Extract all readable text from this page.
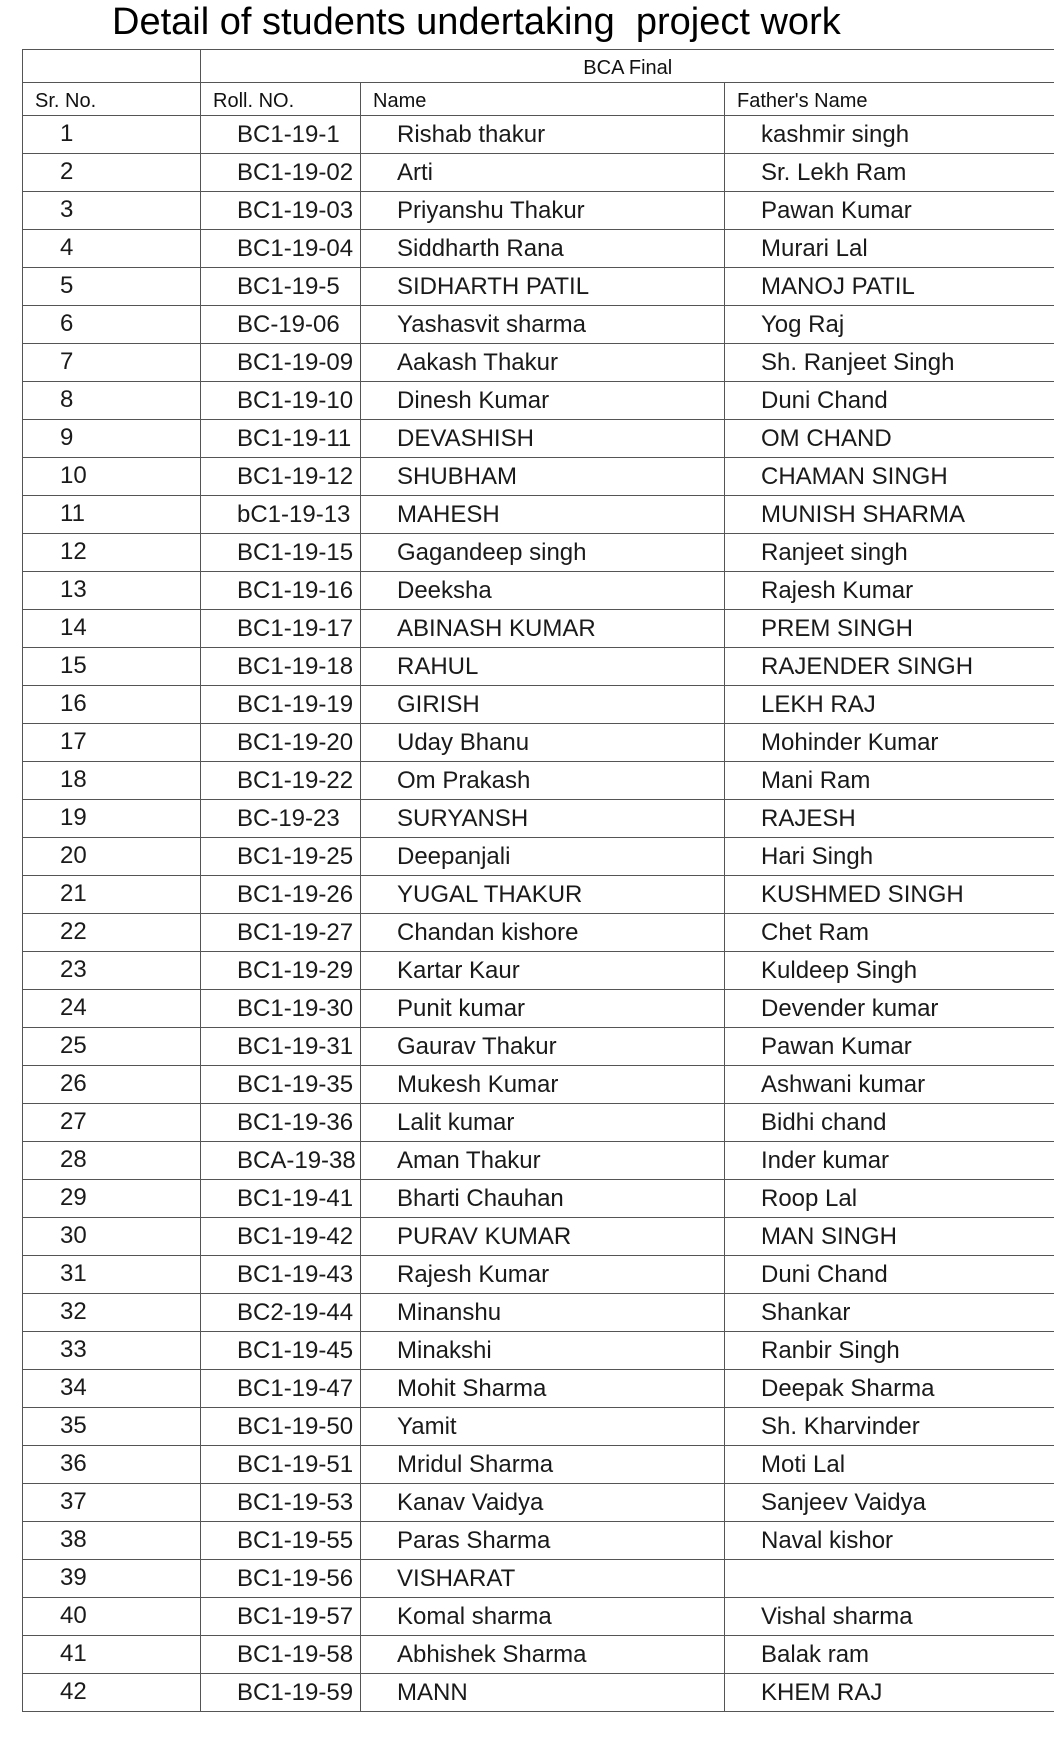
Detail of students undertaking  project work
	BCA Final		
Sr. No.	Roll. NO.	Name	Father's Name
1	BC1-19-1	Rishab thakur	kashmir singh
2	BC1-19-02	Arti	Sr. Lekh Ram
3	BC1-19-03	Priyanshu Thakur	Pawan Kumar
4	BC1-19-04	Siddharth Rana	Murari Lal
5	BC1-19-5	SIDHARTH PATIL	MANOJ PATIL
6	BC-19-06	Yashasvit sharma	Yog Raj
7	BC1-19-09	Aakash Thakur	Sh. Ranjeet Singh
8	BC1-19-10	Dinesh Kumar	Duni Chand
9	BC1-19-11	DEVASHISH	OM CHAND
10	BC1-19-12	SHUBHAM	CHAMAN SINGH
11	bC1-19-13	MAHESH	MUNISH SHARMA
12	BC1-19-15	Gagandeep singh	Ranjeet singh
13	BC1-19-16	Deeksha	Rajesh Kumar
14	BC1-19-17	ABINASH KUMAR	PREM SINGH
15	BC1-19-18	RAHUL	RAJENDER SINGH
16	BC1-19-19	GIRISH	LEKH RAJ
17	BC1-19-20	Uday Bhanu	Mohinder Kumar
18	BC1-19-22	Om Prakash	Mani Ram
19	BC-19-23	SURYANSH	RAJESH
20	BC1-19-25	Deepanjali	Hari Singh
21	BC1-19-26	YUGAL THAKUR	KUSHMED SINGH
22	BC1-19-27	Chandan kishore	Chet Ram
23	BC1-19-29	Kartar Kaur	Kuldeep Singh
24	BC1-19-30	Punit kumar	Devender kumar
25	BC1-19-31	Gaurav Thakur	Pawan Kumar
26	BC1-19-35	Mukesh Kumar	Ashwani kumar
27	BC1-19-36	Lalit kumar	Bidhi chand
28	BCA-19-38	Aman Thakur	Inder kumar
29	BC1-19-41	Bharti Chauhan	Roop Lal
30	BC1-19-42	PURAV KUMAR	MAN SINGH
31	BC1-19-43	Rajesh Kumar	Duni Chand
32	BC2-19-44	Minanshu	Shankar
33	BC1-19-45	Minakshi	Ranbir Singh
34	BC1-19-47	Mohit Sharma	Deepak Sharma
35	BC1-19-50	Yamit	Sh. Kharvinder
36	BC1-19-51	Mridul Sharma	Moti Lal
37	BC1-19-53	Kanav Vaidya	Sanjeev Vaidya
38	BC1-19-55	Paras Sharma	Naval kishor
39	BC1-19-56	VISHARAT	
40	BC1-19-57	Komal sharma	Vishal sharma
41	BC1-19-58	Abhishek Sharma	Balak ram
42	BC1-19-59	MANN	KHEM RAJ
